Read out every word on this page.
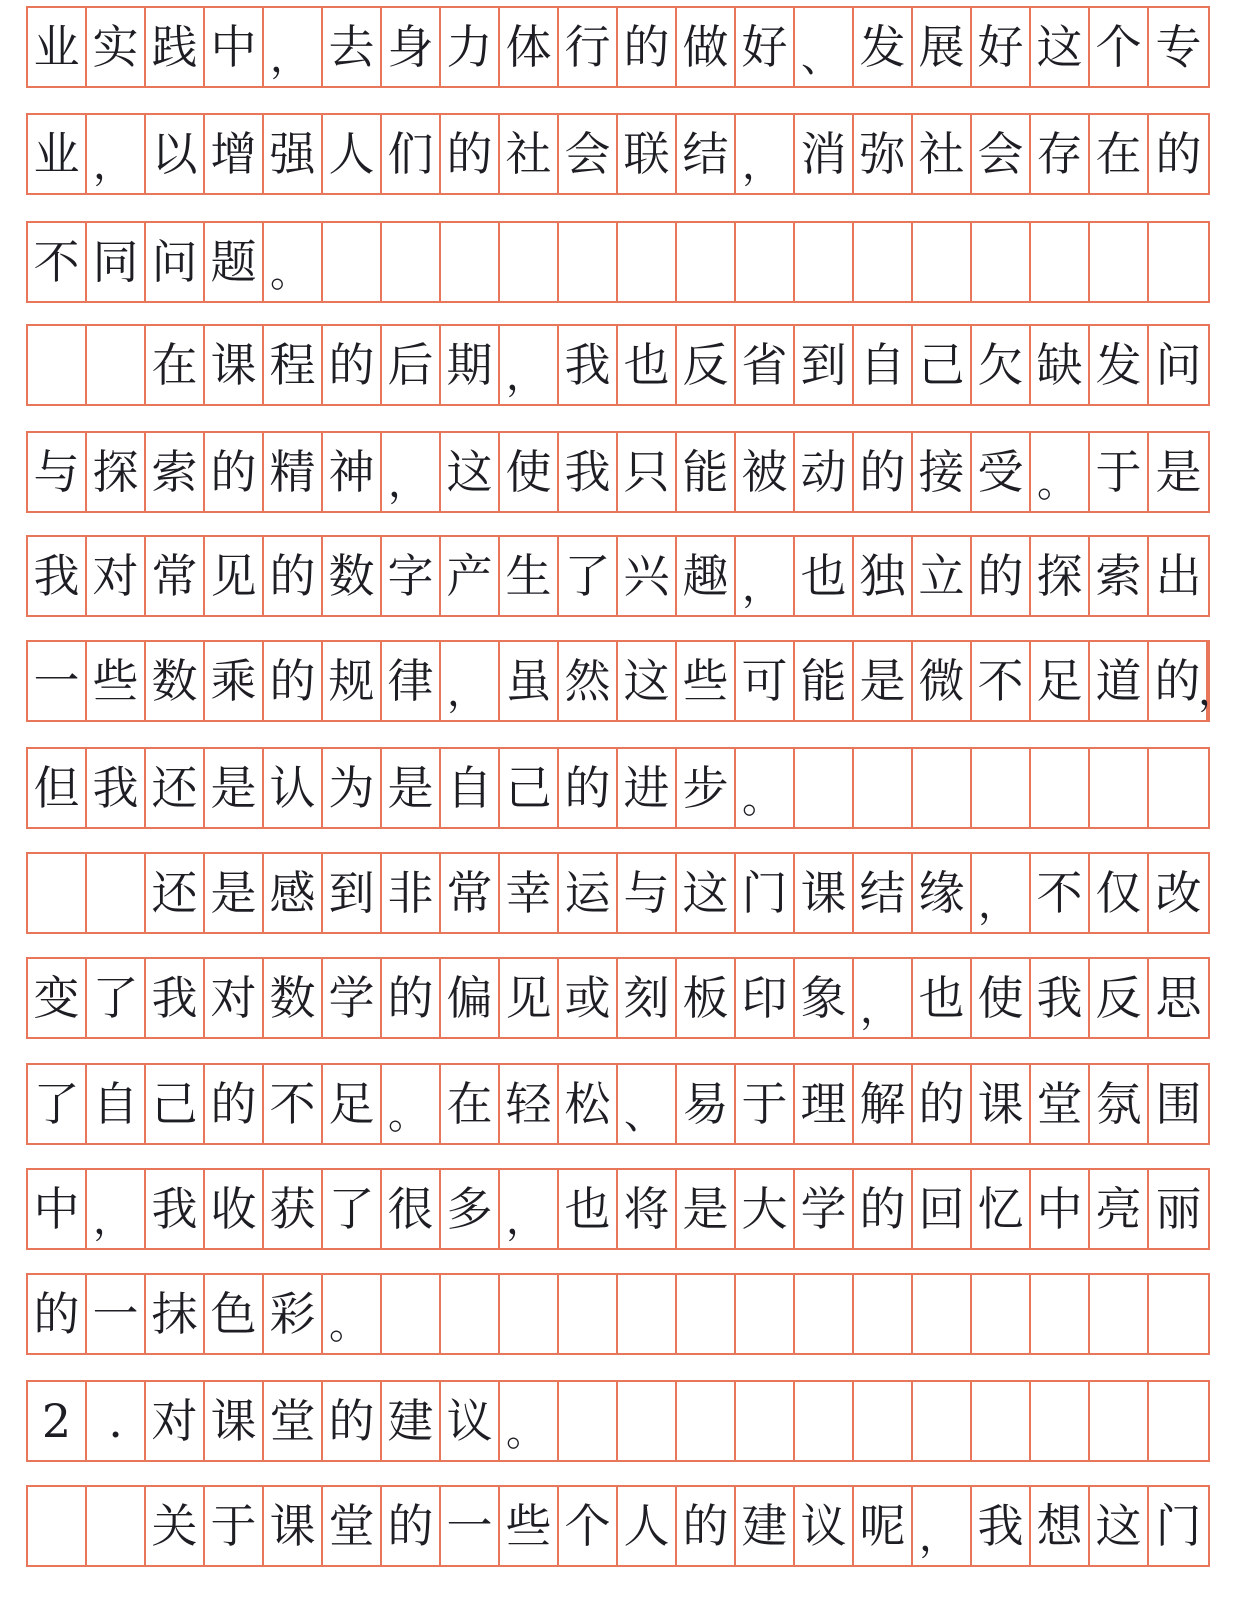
业 实 践 中 ， 去 身 力 体 行 的 做 好 、 发 展 好 这 个 专
业 ， 以 增 强 人 们 的 社 会 联 结 ， 消 弥 社 会 存 在 的
不 同 问 题 。
在 课 程 的 后 期 ， 我 也 反 省 到 自 己 欠 缺 发 问
与 探 索 的 精 神 ， 这 使 我 只 能 被 动 的 接 受 。 于 是
我 对 常 见 的 数 字 产 生 了 兴 趣 ， 也 独 立 的 探 索 出
一 些 数 乘 的 规 律 ， 虽 然 这 些 可 能 是 微 不 足 道 的
，
但 我 还 是 认 为 是 自 己 的 进 步 。
还 是 感 到 非 常 幸 运 与 这 门 课 结 缘 ， 不 仅 改
变 了 我 对 数 学 的 偏 见 或 刻 板 印 象 ， 也 使 我 反 思
了 自 己 的 不 足 。 在 轻 松 、 易 于 理 解 的 课 堂 氛 围
中 ， 我 收 获 了 很 多 ， 也 将 是 大 学 的 回 忆 中 亮 丽
的 一 抹 色 彩 。
2 . 对 课 堂 的 建 议 。
关 于 课 堂 的 一 些 个 人 的 建 议 呢 ， 我 想 这 门
